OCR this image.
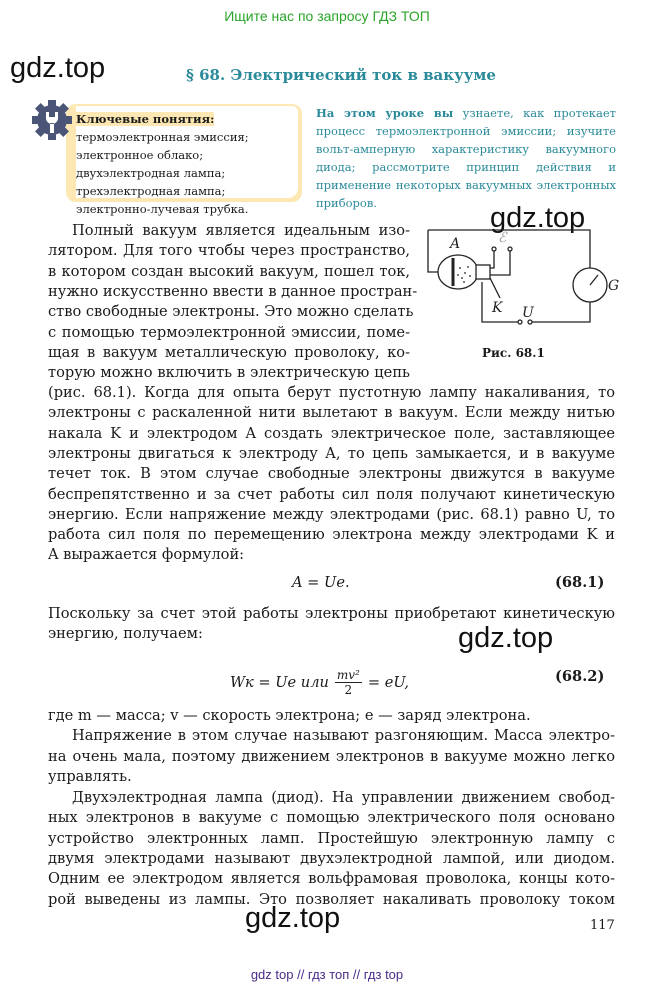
Ищите нас по запросу ГДЗ ТОП
gdz.top
gdz.top
gdz.top
gdz.top
§ 68. Электрический ток в вакууме
Ключевые понятия: термоэлектронная эмиссия; электронное облако; двухэлектродная лампа; трехэлектродная лампа; электронно-лучевая трубка.
На этом уроке вы узнаете, как протекает процесс термоэлектронной эмиссии; изучите вольт-амперную характеристику вакуумного диода; рассмотрите принцип действия и применение некоторых вакуумных электронных приборов.
A	ℰ
K U
G
Рис. 68.1
Полный вакуум является идеальным изо-
лятором. Для того чтобы через пространство,
в котором создан высокий вакуум, пошел ток,
нужно искусственно ввести в данное простран-
ство свободные электроны. Это можно сделать
с помощью термоэлектронной эмиссии, поме-
щая в вакуум металлическую проволоку, ко-
торую можно включить в электрическую цепь
(рис. 68.1). Когда для опыта берут пустотную лампу накаливания, то
электроны с раскаленной нити вылетают в вакуум. Если между нитью
накала K и электродом A создать электрическое поле, заставляющее
электроны двигаться к электроду A, то цепь замыкается, и в вакууме
течет ток. В этом случае свободные электроны движутся в вакууме
беспрепятственно и за счет работы сил поля получают кинетическую
энергию. Если напряжение между электродами (рис. 68.1) равно U, то
работа сил поля по перемещению электрона между электродами K и
A выражается формулой:
Поскольку за счет этой работы электроны приобретают кинетическую
энергию, получаем:
где m — масса; v — скорость электрона; e — заряд электрона.
Напряжение в этом случае называют разгоняющим. Масса электро-
на очень мала, поэтому движением электронов в вакууме можно легко
управлять.
Двухэлектродная лампа (диод). На управлении движением свобод-
ных электронов в вакууме с помощью электрического поля основано
устройство электронных ламп. Простейшую электронную лампу с
двумя электродами называют двухэлектродной лампой, или диодом.
Одним ее электродом является вольфрамовая проволока, концы кото-
рой выведены из лампы. Это позволяет накаливать проволоку током
A = Ue.	(68.1)
Wк = Ue или $\frac{\text{mv²}}{2}$ = eU,	(68.2)
117
gdz top // гдз топ // гдз top
